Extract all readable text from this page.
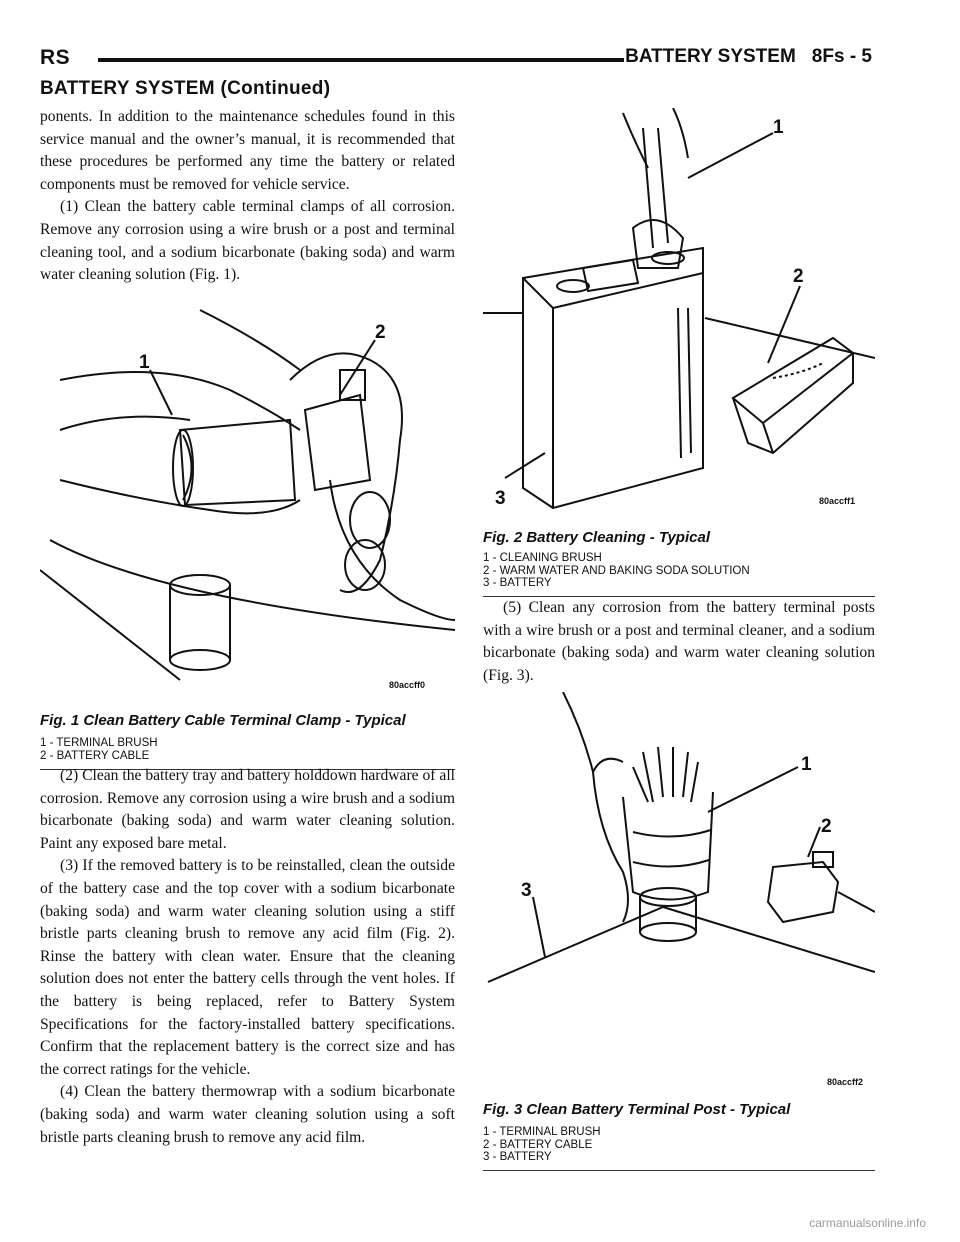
RS	BATTERY SYSTEM 8Fs - 5
BATTERY SYSTEM (Continued)

ponents. In addition to the maintenance schedules found in this service manual and the owner’s manual, it is recommended that these procedures be performed any time the battery or related components must be removed for vehicle service.

(1) Clean the battery cable terminal clamps of all corrosion. Remove any corrosion using a wire brush or a post and terminal cleaning tool, and a sodium bicarbonate (baking soda) and warm water cleaning solution (Fig. 1).

1
2
80accff0

Fig. 1 Clean Battery Cable Terminal Clamp - Typical

1 - TERMINAL BRUSH

2 - BATTERY CABLE

(2) Clean the battery tray and battery holddown hardware of all corrosion. Remove any corrosion using a wire brush and a sodium bicarbonate (baking soda) and warm water cleaning solution. Paint any exposed bare metal.

(3) If the removed battery is to be reinstalled, clean the outside of the battery case and the top cover with a sodium bicarbonate (baking soda) and warm water cleaning solution using a stiff bristle parts cleaning brush to remove any acid film (Fig. 2). Rinse the battery with clean water. Ensure that the cleaning solution does not enter the battery cells through the vent holes. If the battery is being replaced, refer to Battery System Specifications for the factory-installed battery specifications. Confirm that the replacement battery is the correct size and has the correct ratings for the vehicle.

(4) Clean the battery thermowrap with a sodium bicarbonate (baking soda) and warm water cleaning solution using a soft bristle parts cleaning brush to remove any acid film.

1
2
3	80accff1

Fig. 2 Battery Cleaning - Typical

1 - CLEANING BRUSH

2 - WARM WATER AND BAKING SODA SOLUTION

3 - BATTERY

(5) Clean any corrosion from the battery terminal posts with a wire brush or a post and terminal cleaner, and a sodium bicarbonate (baking soda) and warm water cleaning solution (Fig. 3).

1
2
3
80accff2

Fig. 3 Clean Battery Terminal Post - Typical

1 - TERMINAL BRUSH

2 - BATTERY CABLE

3 - BATTERY

carmanualsonline.info
